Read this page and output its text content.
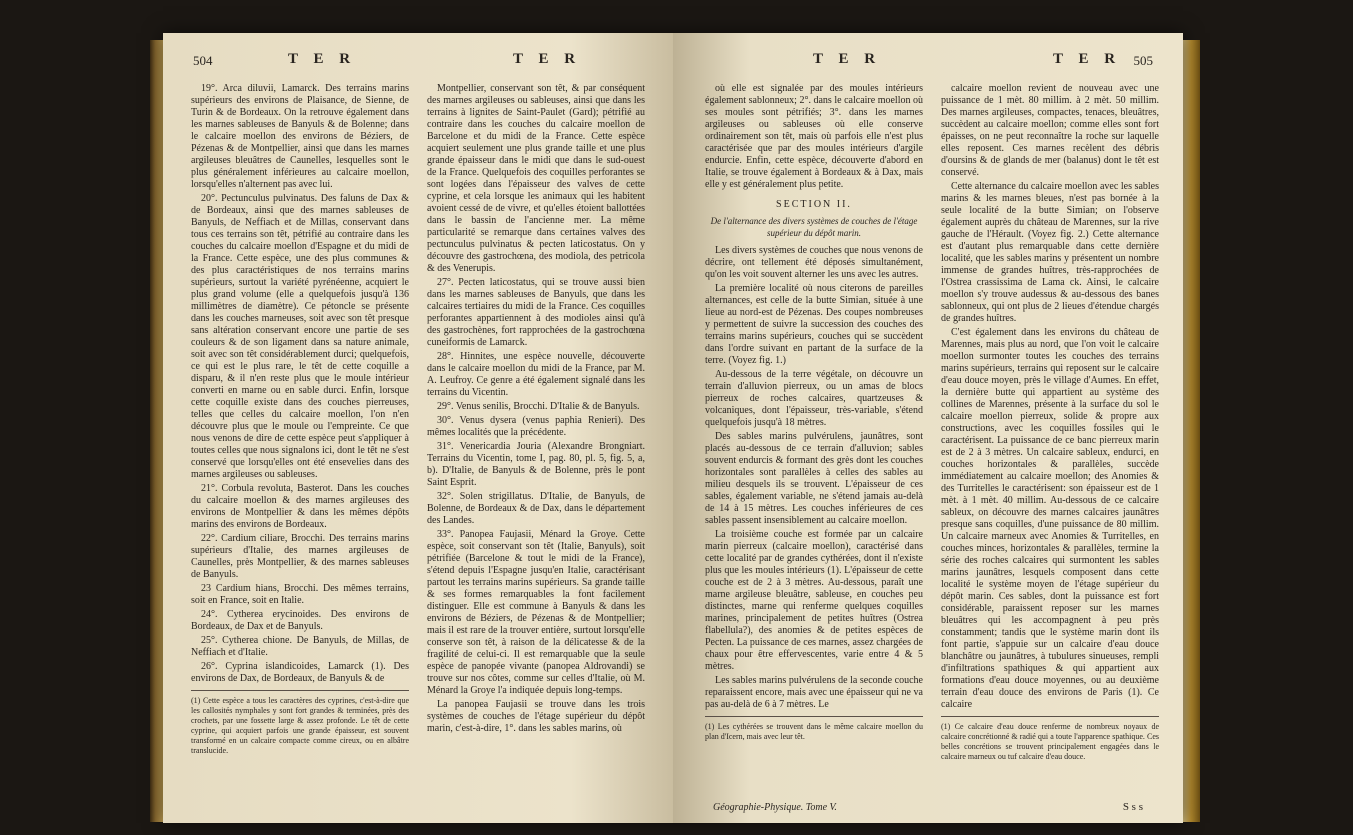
504	T E R	T E R

19°. Arca diluvii, Lamarck. Des terrains marins supérieurs des environs de Plaisance, de Sienne, de Turin & de Bordeaux. On la retrouve également dans les marnes sableuses de Banyuls & de Bolenne; dans le calcaire moellon des environs de Béziers, de Pézenas & de Montpellier, ainsi que dans les marnes argileuses bleuâtres de Caunelles, lesquelles sont le plus généralement inférieures au calcaire moellon, lorsqu'elles n'alternent pas avec lui.

20°. Pectunculus pulvinatus. Des faluns de Dax & de Bordeaux, ainsi que des marnes sableuses de Banyuls, de Neffiach et de Millas, conservant dans tous ces terrains son têt, pétrifié au contraire dans les couches du calcaire moellon d'Espagne et du midi de la France. Cette espèce, une des plus communes & des plus caractéristiques de nos terrains marins supérieurs, surtout la variété pyrénéenne, acquiert le plus grand volume (elle a quelquefois jusqu'à 136 millimètres de diamètre). Ce pétoncle se présente dans les couches marneuses, soit avec son têt presque sans altération conservant encore une partie de ses couleurs & de son ligament dans sa nature animale, soit avec son têt considérablement durci; quelquefois, ce qui est le plus rare, le têt de cette coquille a disparu, & il n'en reste plus que le moule intérieur converti en marne ou en sable durci. Enfin, lorsque cette coquille existe dans des couches pierreuses, telles que celles du calcaire moellon, l'on n'en découvre plus que le moule ou l'empreinte. Ce que nous venons de dire de cette espèce peut s'appliquer à toutes celles que nous signalons ici, dont le têt ne s'est conservé que lorsqu'elles ont été ensevelies dans des marnes argileuses ou sableuses.

21°. Corbula revoluta, Basterot. Dans les couches du calcaire moellon & des marnes argileuses des environs de Montpellier & dans les mêmes dépôts marins des environs de Bordeaux.

22°. Cardium ciliare, Brocchi. Des terrains marins supérieurs d'Italie, des marnes argileuses de Caunelles, près Montpellier, & des marnes sableuses de Banyuls.

23 Cardium hians, Brocchi. Des mêmes terrains, soit en France, soit en Italie.

24°. Cytherea erycinoides. Des environs de Bordeaux, de Dax et de Banyuls.

25°. Cytherea chione. De Banyuls, de Millas, de Neffiach et d'Italie.

26°. Cyprina islandicoides, Lamarck (1). Des environs de Dax, de Bordeaux, de Banyuls & de

(1) Cette espèce a tous les caractères des cyprines, c'est-à-dire que les callosités nymphales y sont fort grandes & terminées, près des crochets, par une fossette large & assez profonde. Le têt de cette cyprine, qui acquiert parfois une grande épaisseur, est souvent transformé en un calcaire compacte comme cireux, ou en albâtre translucide.

Montpellier, conservant son têt, & par conséquent des marnes argileuses ou sableuses, ainsi que dans les terrains à lignites de Saint-Paulet (Gard); pétrifié au contraire dans les couches du calcaire moellon de Barcelone et du midi de la France. Cette espèce acquiert seulement une plus grande taille et une plus grande épaisseur dans le midi que dans le sud-ouest de la France. Quelquefois des coquilles perforantes se sont logées dans l'épaisseur des valves de cette cyprine, et cela lorsque les animaux qui les habitent avoient cessé de de vivre, et qu'elles étoient ballottées dans le bassin de l'ancienne mer. La même particularité se remarque dans certaines valves des pectunculus pulvinatus & pecten laticostatus. On y découvre des gastrochœna, des modiola, des petricola & des Venerupis.

27°. Pecten laticostatus, qui se trouve aussi bien dans les marnes sableuses de Banyuls, que dans les calcaires tertiaires du midi de la France. Ces coquilles perforantes appartiennent à des modioles ainsi qu'à des gastrochènes, fort rapprochées de la gastrochœna cuneiformis de Lamarck.

28°. Hinnites, une espèce nouvelle, découverte dans le calcaire moellon du midi de la France, par M. A. Leufroy. Ce genre a été également signalé dans les terrains du Vicentin.

29°. Venus senilis, Brocchi. D'Italie & de Banyuls.

30°. Venus dysera (venus paphia Renieri). Des mêmes localités que la précédente.

31°. Venericardia Jouria (Alexandre Brongniart. Terrains du Vicentin, tome I, pag. 80, pl. 5, fig. 5, a, b). D'Italie, de Banyuls & de Bolenne, près le pont Saint Esprit.

32°. Solen strigillatus. D'Italie, de Banyuls, de Bolenne, de Bordeaux & de Dax, dans le département des Landes.

33°. Panopea Faujasii, Ménard la Groye. Cette espèce, soit conservant son têt (Italie, Banyuls), soit pétrifiée (Barcelone & tout le midi de la France), s'étend depuis l'Espagne jusqu'en Italie, caractérisant partout les terrains marins supérieurs. Sa grande taille & ses formes remarquables la font facilement distinguer. Elle est commune à Banyuls & dans les environs de Béziers, de Pézenas & de Montpellier; mais il est rare de la trouver entière, surtout lorsqu'elle conserve son têt, à raison de la délicatesse & de la fragilité de celui-ci. Il est remarquable que la seule espèce de panopée vivante (panopea Aldrovandi) se trouve sur nos côtes, comme sur celles d'Italie, où M. Ménard la Groye l'a indiquée depuis long-temps.

La panopea Faujasii se trouve dans les trois systèmes de couches de l'étage supérieur du dépôt marin, c'est-à-dire, 1°. dans les sables marins, où

T E R	T E R 505

où elle est signalée par des moules intérieurs également sablonneux; 2°. dans le calcaire moellon où ses moules sont pétrifiés; 3°. dans les marnes argileuses ou sableuses où elle conserve ordinairement son têt, mais où parfois elle n'est plus caractérisée que par des moules intérieurs d'argile endurcie. Enfin, cette espèce, découverte d'abord en Italie, se trouve également à Bordeaux & à Dax, mais elle y est généralement plus petite.

SECTION II.
De l'alternance des divers systèmes de couches de l'étage supérieur du dépôt marin.

Les divers systèmes de couches que nous venons de décrire, ont tellement été déposés simultanément, qu'on les voit souvent alterner les uns avec les autres.

La première localité où nous citerons de pareilles alternances, est celle de la butte Simian, située à une lieue au nord-est de Pézenas. Des coupes nombreuses y permettent de suivre la succession des couches des terrains marins supérieurs, couches qui se succèdent dans l'ordre suivant en partant de la surface de la terre. (Voyez fig. 1.)

Au-dessous de la terre végétale, on découvre un terrain d'alluvion pierreux, ou un amas de blocs pierreux de roches calcaires, quartzeuses & volcaniques, dont l'épaisseur, très-variable, s'étend quelquefois jusqu'à 18 mètres.

Des sables marins pulvérulens, jaunâtres, sont placés au-dessous de ce terrain d'alluvion; sables souvent endurcis & formant des grès dont les couches horizontales sont parallèles à celles des sables au milieu desquels ils se trouvent. L'épaisseur de ces sables, également variable, ne s'étend jamais au-delà de 14 à 15 mètres. Les couches inférieures de ces sables passent insensiblement au calcaire moellon.

La troisième couche est formée par un calcaire marin pierreux (calcaire moellon), caractérisé dans cette localité par de grandes cythérées, dont il n'existe plus que les moules intérieurs (1). L'épaisseur de cette couche est de 2 à 3 mètres. Au-dessous, paraît une marne argileuse bleuâtre, sableuse, en couches peu distinctes, marne qui renferme quelques coquilles marines, principalement de petites huîtres (Ostrea flabellula?), des anomies & de petites espèces de Pecten. La puissance de ces marnes, assez chargées de chaux pour être effervescentes, varie entre 4 & 5 mètres.

Les sables marins pulvérulens de la seconde couche reparaissent encore, mais avec une épaisseur qui ne va pas au-delà de 6 à 7 mètres. Le

(1) Les cythérées se trouvent dans le même calcaire moellon du plan d'Icern, mais avec leur têt.

calcaire moellon revient de nouveau avec une puissance de 1 mèt. 80 millim. à 2 mèt. 50 millim. Des marnes argileuses, compactes, tenaces, bleuâtres, succèdent au calcaire moellon; comme elles sont fort épaisses, on ne peut reconnaître la roche sur laquelle elles reposent. Ces marnes recèlent des débris d'oursins & de glands de mer (balanus) dont le têt est conservé.

Cette alternance du calcaire moellon avec les sables marins & les marnes bleues, n'est pas bornée à la seule localité de la butte Simian; on l'observe également auprès du château de Marennes, sur la rive gauche de l'Hérault. (Voyez fig. 2.) Cette alternance est d'autant plus remarquable dans cette dernière localité, que les sables marins y présentent un nombre immense de grandes huîtres, très-rapprochées de l'Ostrea crassissima de Lama ck. Ainsi, le calcaire moellon s'y trouve audessus & au-dessous des banes sablonneux, qui ont plus de 2 lieues d'étendue chargés de grandes huîtres.

C'est également dans les environs du château de Marennes, mais plus au nord, que l'on voit le calcaire moellon surmonter toutes les couches des terrains marins supérieurs, terrains qui reposent sur le calcaire d'eau douce moyen, près le village d'Aumes. En effet, la dernière butte qui appartient au système des collines de Marennes, présente à la surface du sol le calcaire moellon pierreux, solide & propre aux constructions, avec les coquilles fossiles qui le caractérisent. La puissance de ce banc pierreux marin est de 2 à 3 mètres. Un calcaire sableux, endurci, en couches horizontales & parallèles, succède immédiatement au calcaire moellon; des Anomies & des Turritelles le caractérisent: son épaisseur est de 1 mèt. à 1 mèt. 40 millim. Au-dessous de ce calcaire sableux, on découvre des marnes calcaires jaunâtres presque sans coquilles, d'une puissance de 80 millim. Un calcaire marneux avec Anomies & Turritelles, en couches minces, horizontales & parallèles, termine la série des roches calcaires qui surmontent les sables marins jaunâtres, lesquels composent dans cette localité le système moyen de l'étage supérieur du dépôt marin. Ces sables, dont la puissance est fort considérable, paraissent reposer sur les marnes bleuâtres qui les accompagnent à peu près constamment; tandis que le système marin dont ils font partie, s'appuie sur un calcaire d'eau douce blanchâtre ou jaunâtres, à tubulures sinueuses, rempli d'infiltrations spathiques & qui appartient aux formations d'eau douce moyennes, ou au deuxième terrain d'eau douce des environs de Paris (1). Ce calcaire

(1) Ce calcaire d'eau douce renferme de nombreux noyaux de calcaire concrétionné & radié qui a toute l'apparence spathique. Ces belles concrétions se trouvent principalement engagées dans le calcaire marneux ou tuf calcaire d'eau douce.
Géographie-Physique. Tome V.	S s s
